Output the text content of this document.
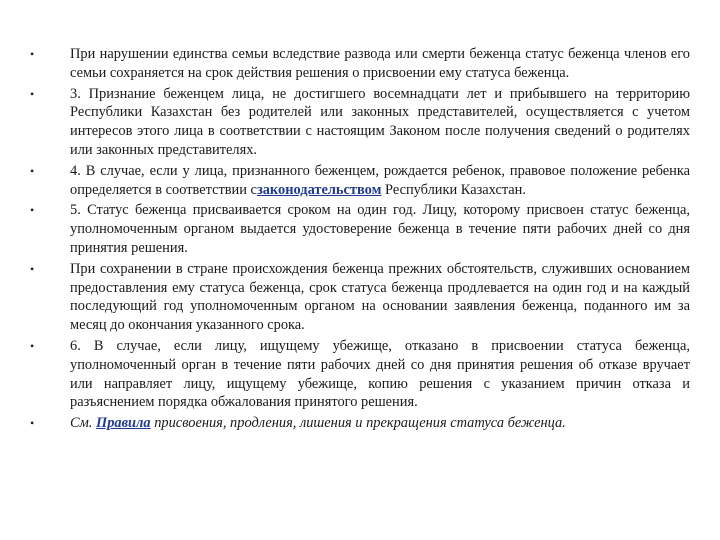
•	При нарушении единства семьи вследствие развода или смерти беженца статус беженца членов его семьи сохраняется на срок действия решения о присвоении ему статуса беженца.
•	3. Признание беженцем лица, не достигшего восемнадцати лет и прибывшего на территорию Республики Казахстан без родителей или законных представителей, осуществляется с учетом интересов этого лица в соответствии с настоящим Законом после получения сведений о родителях или законных представителях.
•	4. В случае, если у лица, признанного беженцем, рождается ребенок, правовое положение ребенка определяется в соответствии сзаконодательством Республики Казахстан.
•	5. Статус беженца присваивается сроком на один год. Лицу, которому присвоен статус беженца, уполномоченным органом выдается удостоверение беженца в течение пяти рабочих дней со дня принятия решения.
•	При сохранении в стране происхождения беженца прежних обстоятельств, служивших основанием предоставления ему статуса беженца, срок статуса беженца продлевается на один год и на каждый последующий год уполномоченным органом на основании заявления беженца, поданного им за месяц до окончания указанного срока.
•	6. В случае, если лицу, ищущему убежище, отказано в присвоении статуса беженца, уполномоченный орган в течение пяти рабочих дней со дня принятия решения об отказе вручает или направляет лицу, ищущему убежище, копию решения с указанием причин отказа и разъяснением порядка обжалования принятого решения.
•	См. Правила присвоения, продления, лишения и прекращения статуса беженца.
